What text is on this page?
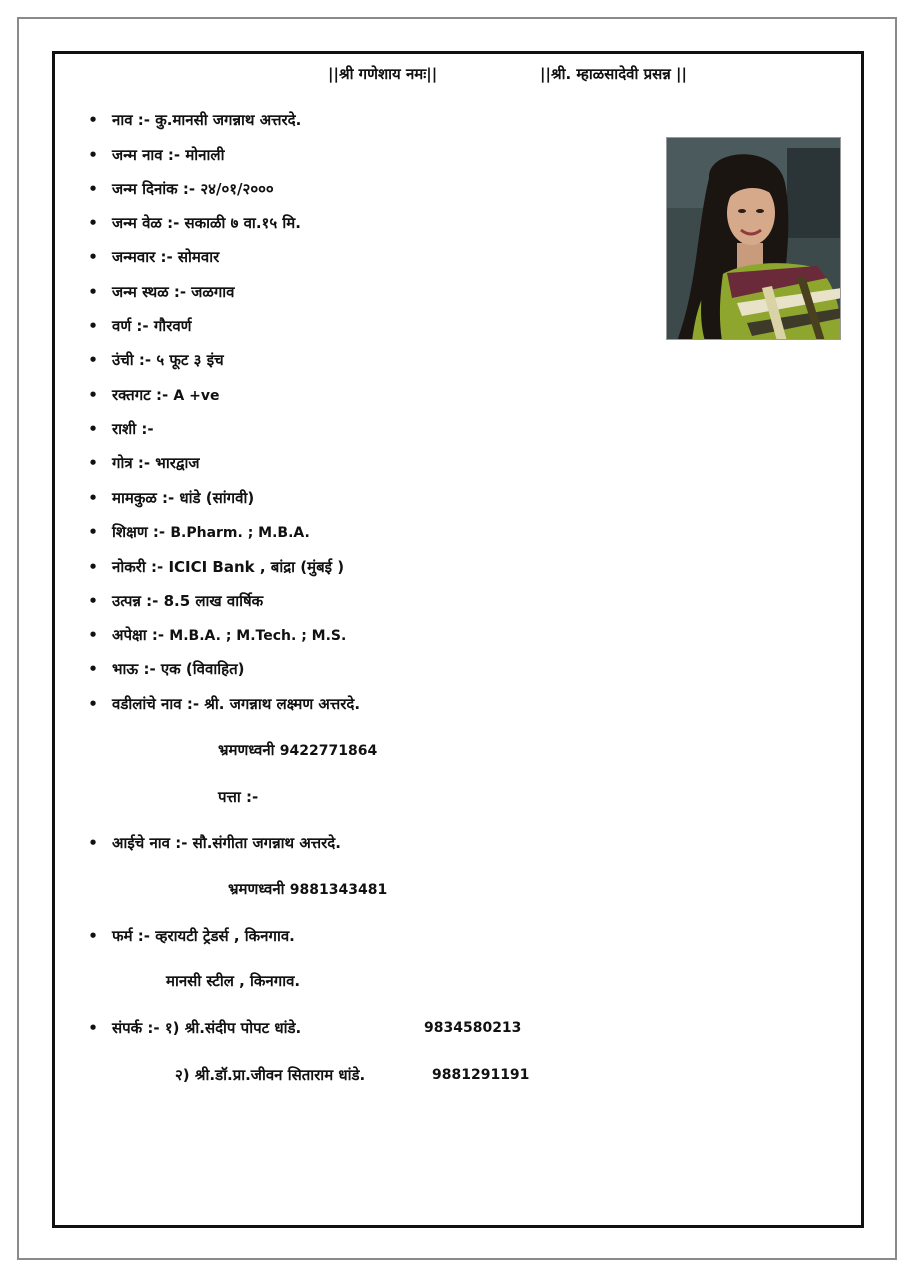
||श्री गणेशाय नमः||	||श्री. म्हाळसादेवी प्रसन्न ||
• नाव :- कु.मानसी जगन्नाथ अत्तरदे.
• जन्म नाव :- मोनाली
• जन्म दिनांक :- २४/०१/२०००
• जन्म वेळ :- सकाळी ७ वा.१५ मि.
• जन्मवार :- सोमवार
• जन्म स्थळ :- जळगाव
• वर्ण :- गौरवर्ण
• उंची :- ५ फूट ३ इंच
• रक्तगट :- A +ve
• राशी :-
• गोत्र :- भारद्वाज
• मामकुळ :- धांडे (सांगवी)
• शिक्षण :- B.Pharm. ; M.B.A.
• नोकरी :- ICICI Bank , बांद्रा (मुंबई )
• उत्पन्न :- 8.5 लाख वार्षिक
• अपेक्षा :- M.B.A. ; M.Tech. ; M.S.
• भाऊ :- एक (विवाहित)
• वडीलांचे नाव :- श्री. जगन्नाथ लक्ष्मण अत्तरदे.
भ्रमणध्वनी 9422771864
पत्ता :-
• आईचे नाव :- सौ.संगीता जगन्नाथ अत्तरदे.
भ्रमणध्वनी 9881343481
• फर्म :- व्हरायटी ट्रेडर्स , किनगाव.
मानसी स्टील , किनगाव.
• संपर्क :- १) श्री.संदीप पोपट धांडे.	9834580213
२) श्री.डॉ.प्रा.जीवन सिताराम धांडे.	9881291191
